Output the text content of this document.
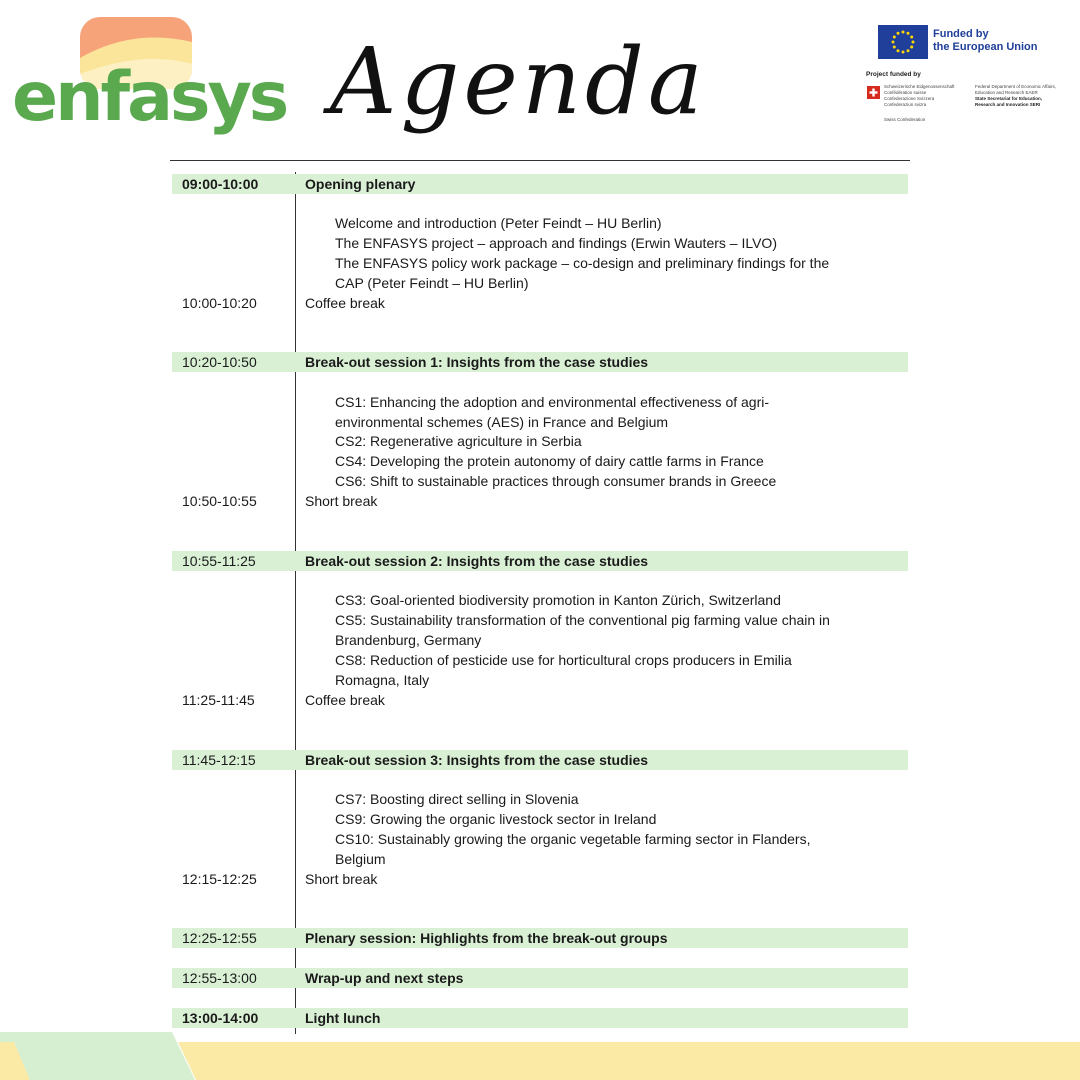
enfasys Agenda	Funded by
the European Union
Project funded by
Schweizerische Eidgenossenschaft
Confédération suisse
Confederazione Svizzera
Confederaziun svizra
Federal Department of Economic Affairs,
Education and Research EAER
State Secretariat for Education,
Research and Innovation SERI
Swiss Confederation
09:00-10:00	Opening plenary
Welcome and introduction (Peter Feindt – HU Berlin)
The ENFASYS project – approach and findings (Erwin Wauters – ILVO)
The ENFASYS policy work package – co-design and preliminary findings for the
CAP (Peter Feindt – HU Berlin)
10:00-10:20	Coffee break
10:20-10:50	Break-out session 1: Insights from the case studies
CS1: Enhancing the adoption and environmental effectiveness of agri-
environmental schemes (AES) in France and Belgium
CS2: Regenerative agriculture in Serbia
CS4: Developing the protein autonomy of dairy cattle farms in France
CS6: Shift to sustainable practices through consumer brands in Greece
10:50-10:55	Short break
10:55-11:25	Break-out session 2: Insights from the case studies
CS3: Goal-oriented biodiversity promotion in Kanton Zürich, Switzerland
CS5: Sustainability transformation of the conventional pig farming value chain in
Brandenburg, Germany
CS8: Reduction of pesticide use for horticultural crops producers in Emilia
Romagna, Italy
11:25-11:45	Coffee break
11:45-12:15	Break-out session 3: Insights from the case studies
CS7: Boosting direct selling in Slovenia
CS9: Growing the organic livestock sector in Ireland
CS10: Sustainably growing the organic vegetable farming sector in Flanders,
Belgium
12:15-12:25	Short break
12:25-12:55	Plenary session: Highlights from the break-out groups
12:55-13:00	Wrap-up and next steps
13:00-14:00	Light lunch
